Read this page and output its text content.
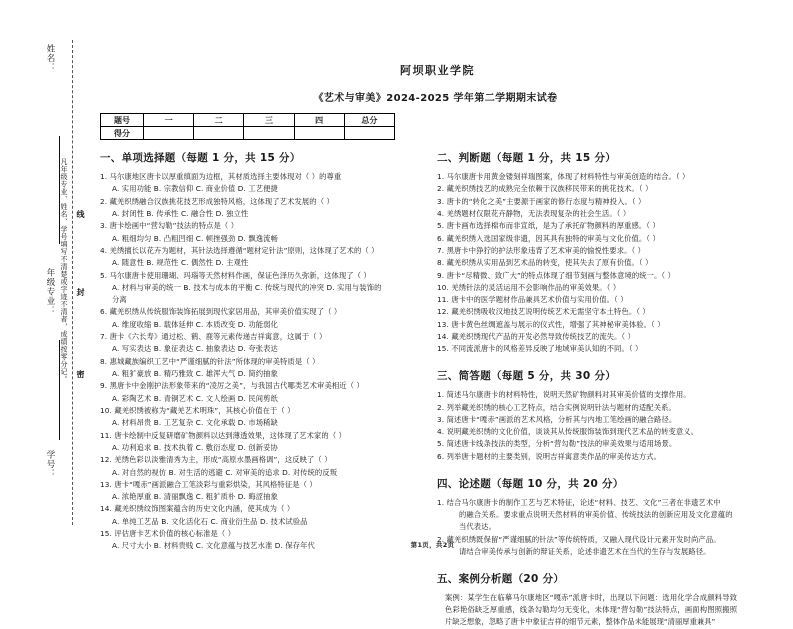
姓名：
年级专业：
学号：
凡年级专业、姓名、学号填写不清楚或字迹不清者，成绩按零分记。 密
封
线
阿坝职业学院
《艺术与审美》2024-2025 学年第二学期期末试卷
题号	一	二	三	四	总分
得分					
一、单项选择题（每题 1 分，共 15 分）
1. 马尔康地区唐卡以厚重缜面为边框，其材质选择主要体现对（ ）的尊重
A. 实用功能 B. 宗教信仰 C. 商业价值 D. 工艺便捷
2. 藏羌织绣融合汉族挑花技艺形成独特风格，这体现了艺术发展的（ ）
A. 封闭性 B. 传承性 C. 融合性 D. 独立性
3. 唐卡绘画中“营勾勒”技法的特点是（ ）
A. 粗细均匀 B. 凸粗凹细 C. 顿挫强劲 D. 飘逸流畅
4. 羌绣擅长以花卉为题材，其针法选择遵循“题材定针法”原则，这体现了艺术的（ ）
A. 随意性 B. 规范性 C. 偶然性 D. 主观性
5. 马尔康唐卡使用珊瑚、玛瑙等天然材料作画，保证色泽历久弥新，这体现了（ ）
A. 材料与审美的统一 B. 技术与成本的平衡 C. 传统与现代的冲突 D. 实用与装饰的
分离
6. 藏羌织绣从传统服饰装饰拓展到现代家居用品，其审美价值实现了（ ）
A. 维度收缩 B. 载体延伸 C. 本质改变 D. 功能弱化
7. 唐卡《六长寿》通过松、鹤、鹿等元素传递吉祥寓意，这属于（ ）
A. 写实表达 B. 象征表达 C. 抽象表达 D. 夸张表达
8. 惠城藏族编织工艺中“严谨细腻的针法”所体现的审美特质是（ ）
A. 粗犷豪放 B. 精巧雅致 C. 雄浑大气 D. 简约抽象
9. 黑唐卡中金刚护法形象带来的“凌厉之美”，与我国古代哪类艺术审美相近（ ）
A. 彩陶艺术 B. 青铜艺术 C. 文人绘画 D. 民间剪纸
10. 藏羌织绣被称为“藏羌艺术明珠”，其核心价值在于（ ）
A. 材料昂贵 B. 工艺复杂 C. 文化承载 D. 市场稀缺
11. 唐卡绘制中反复研磨矿物颜料以达到薄透效果，这体现了艺术家的（ ）
A. 功利追求 B. 技术执着 C. 敷衍态度 D. 创新妥协
12. 羌绣色彩以淡雅清秀为主，形成“高原水墨画格调”，这反映了（ ）
A. 对自然的视仿 B. 对生活的逃避 C. 对审美的追求 D. 对传统的反叛
13. 唐卡“嘎赤”画派融合工笔淡彩与重彩烘染，其风格特征是（ ）
A. 浓艳厚重 B. 清丽飘逸 C. 粗犷质朴 D. 晦涩抽象
14. 藏羌织绣纹饰图案蕴含的历史文化内涵，使其成为（ ）
A. 单纯工艺品 B. 文化活化石 C. 商业衍生品 D. 技术试验品
15. 评估唐卡艺术价值的核心标准是（ ）
A. 尺寸大小 B. 材料贵贱 C. 文化意蕴与技艺水准 D. 保存年代
二、判断题（每题 1 分，共 15 分）
1. 马尔康唐卡用黄金镂刻祥瑞图案，体现了材料特性与审美创造的结合。（ ）
2. 藏羌织绣技艺的成熟完全依赖于汉族移民带来的挑花技术。（ ）
3. 唐卡的“转化之美”主要源于画家的修行态度与精神投入。（ ）
4. 羌绣题材仅限花卉静物，无法表现复杂的社会生活。（ ）
5. 唐卡画布选择棉布而非宣纸，是为了承托矿物颜料的厚重感。（ ）
6. 藏羌织绣入选国家级非遗，因其具有独特的审美与文化价值。（ ）
7. 黑唐卡中狰狞的护法形象违背了艺术审美的愉悦性要求。（ ）
8. 藏羌织绣从实用品到艺术品的转变，使其失去了原有价值。（ ）
9. 唐卡“尽精微、致广大”的特点体现了细节刻画与整体意境的统一。（ ）
10. 羌绣针法的灵活运用不会影响作品的审美效果。（ ）
11. 唐卡中的医学题材作品兼具艺术价值与实用价值。（ ）
12. 藏羌织绣吸收汉地技艺说明传统艺术无需坚守本土特色。（ ）
13. 唐卡黄色丝绸遮盖与展示的仪式性，增强了其神秘审美体验。（ ）
14. 藏羌织绣现代产品的开发必然导致传统技艺的流失。（ ）
15. 不同流派唐卡的风格差异反映了地域审美认知的不同。（ ）
三、简答题（每题 5 分，共 30 分）
1. 简述马尔康唐卡的材料特性，说明天然矿物颜料对其审美价值的支撑作用。
2. 列举藏羌织绣的核心工艺特点，结合实例说明针法与题材的适配关系。
3. 简述唐卡“嘎赤”画派的艺术风格，分析其与内地工笔绘画的融合路径。
4. 说明藏羌织绣的文化价值，谈谈其从传统服饰装饰到现代艺术品的转变意义。
5. 简述唐卡线条技法的类型，分析“营勾勒”技法的审美效果与适用场景。
6. 列举唐卡题材的主要类别，说明吉祥寓意类作品的审美传达方式。
四、论述题（每题 10 分，共 20 分）
1. 结合马尔康唐卡的制作工艺与艺术特征，论述“材料、技艺、文化”三者在非遗艺术中
的融合关系。要求重点说明天然材料的审美价值、传统技法的创新应用及文化意蕴的
当代表达。
2. 藏羌织绣既保留“严谨细腻的针法”等传统特质，又融入现代设计元素开发时尚产品。
请结合审美传承与创新的辩证关系，论述非遗艺术在当代的生存与发展路径。
五、案例分析题（20 分）
案例：某学生在临摹马尔康地区“嘎赤”派唐卡时，出现以下问题：选用化学合成颜料导致色彩艳俗缺乏厚重感，线条勾勒均匀无变化，未体现“营勾勒”技法特点，画面构图照搬照片缺乏想象，忽略了唐卡中象征吉祥的细节元素，整体作品未能展现“清丽厚重兼具”
第1页，共2页
